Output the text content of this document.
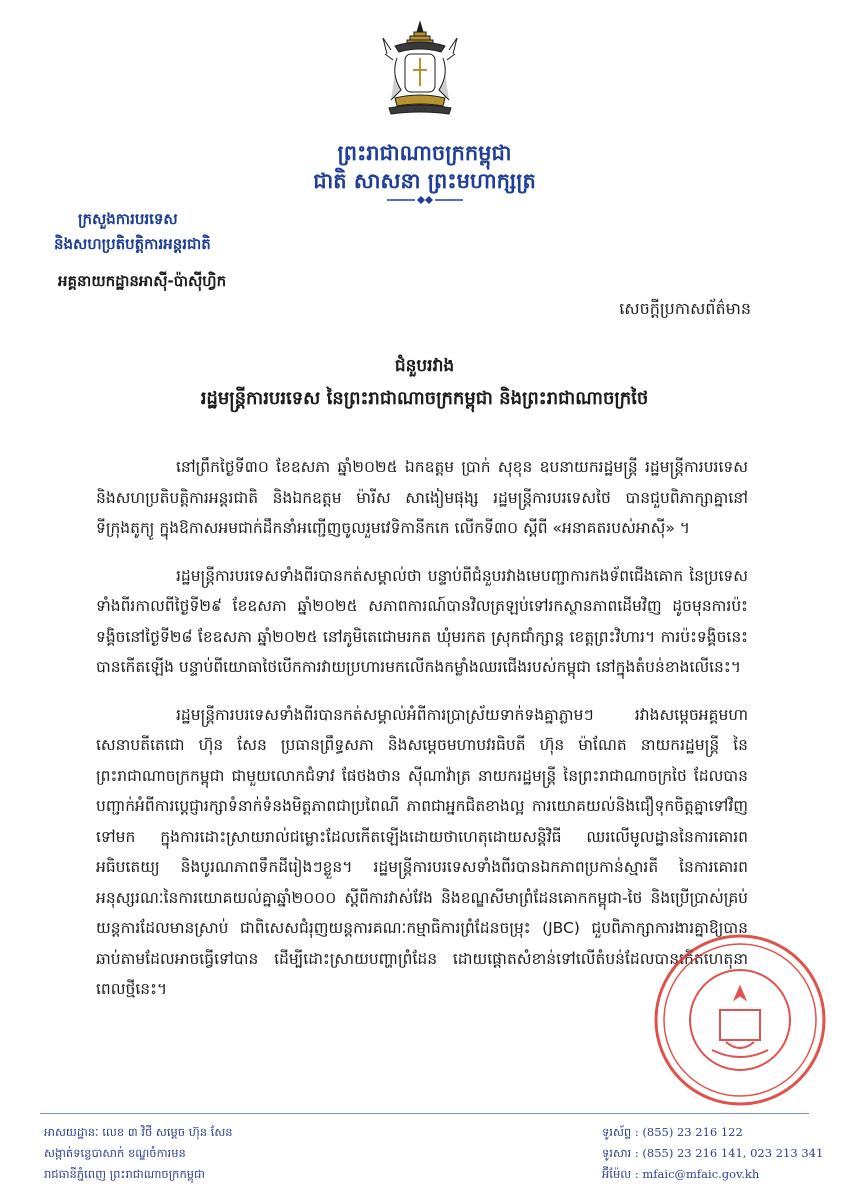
ព្រះរាជាណាចក្រកម្ពុជា
ជាតិ សាសនា ព្រះមហាក្សត្រ
ក្រសួងការបរទេស
និងសហប្រតិបត្តិការអន្តរជាតិ
អគ្គនាយកដ្ឋានអាស៊ី-ប៉ាស៊ីហ្វិក
សេចក្តីប្រកាសព័ត៌មាន
ជំនួបរវាង
រដ្ឋមន្ត្រីការបរទេស នៃព្រះរាជាណាចក្រកម្ពុជា និងព្រះរាជាណាចក្រថៃ

នៅព្រឹកថ្ងៃទី៣០ ខែឧសភា ឆ្នាំ២០២៥ ឯកឧត្តម ប្រាក់ សុខុន ឧបនាយករដ្ឋមន្ត្រី រដ្ឋមន្ត្រីការបរទេស និងសហប្រតិបត្តិការអន្តរជាតិ និងឯកឧត្តម ម៉ារីស សាងៀមផុង្ស រដ្ឋមន្ត្រីការបរទេសថៃ បានជួបពិភាក្សាគ្នានៅទីក្រុងតូក្យូ ក្នុងឱកាសអមជាក់ដឹកនាំអញ្ជើញចូលរួមវេទិកានីកកេ លើកទី៣០ ស្តីពី «អនាគតរបស់អាស៊ី» ។

រដ្ឋមន្ត្រីការបរទេសទាំងពីរបានកត់សម្គាល់ថា បន្ទាប់ពីជំនួបរវាងមេបញ្ជាការកងទ័ពជើងគោក នៃប្រទេសទាំងពីរកាលពីថ្ងៃទី២៩ ខែឧសភា ឆ្នាំ២០២៥ សភាពការណ៍បានវិលត្រឡប់ទៅរកស្ថានភាពដើមវិញ ដូចមុនការប៉ះទង្គិចនៅថ្ងៃទី២៨ ខែឧសភា ឆ្នាំ២០២៥ នៅភូមិតេជោមរកត ឃុំមរកត ស្រុកជាំក្សាន្ត ខេត្តព្រះវិហារ។ ការប៉ះទង្គិចនេះបានកើតឡើង បន្ទាប់ពីយោធាថៃបើកការវាយប្រហារមកលើកងកម្លាំងឈរជើងរបស់កម្ពុជា នៅក្នុងតំបន់ខាងលើនេះ។

រដ្ឋមន្ត្រីការបរទេសទាំងពីរបានកត់សម្គាល់អំពីការប្រាស្រ័យទាក់ទងគ្នាភ្លាមៗ រវាងសម្តេចអគ្គមហាសេនាបតីតេជោ ហ៊ុន សែន ប្រធានព្រឹទ្ធសភា និងសម្តេចមហាបវរធិបតី ហ៊ុន ម៉ាណែត នាយករដ្ឋមន្ត្រី នៃព្រះរាជាណាចក្រកម្ពុជា ជាមួយលោកជំទាវ ផែថងថាន ស៊ីណាវ៉ាត្រ នាយករដ្ឋមន្ត្រី នៃព្រះរាជាណាចក្រថៃ ដែលបានបញ្ជាក់អំពីការប្តេជ្ញារក្សាទំនាក់ទំនងមិត្តភាពជាប្រពៃណី ភាពជាអ្នកជិតខាងល្អ ការយោគយល់និងជឿទុកចិត្តគ្នាទៅវិញទៅមក ក្នុងការដោះស្រាយរាល់ជម្លោះដែលកើតឡើងដោយថាហេតុដោយសន្តិវិធី ឈរលើមូលដ្ឋាននៃការគោរពអធិបតេយ្យ និងបូរណភាពទឹកដីរៀងៗខ្លួន។ រដ្ឋមន្ត្រីការបរទេសទាំងពីរបានឯកភាពប្រកាន់ស្មារតី នៃការគោរពអនុស្សរណៈនៃការយោគយល់គ្នាឆ្នាំ២០០០ ស្តីពីការវាស់វែង និងខណ្ឌសីមាព្រំដែនគោកកម្ពុជា-ថៃ និងប្រើប្រាស់គ្រប់យន្តការដែលមានស្រាប់ ជាពិសេសជំរុញយន្តការគណៈកម្មាធិការព្រំដែនចម្រុះ (JBC) ជួបពិភាក្សាការងារគ្នាឱ្យបានឆាប់តាមដែលអាចធ្វើទៅបាន ដើម្បីដោះស្រាយបញ្ហាព្រំដែន ដោយផ្តោតសំខាន់ទៅលើតំបន់ដែលបានកើតហេតុនាពេលថ្មីនេះ។

អាសយដ្ឋានៈ លេខ ៣ វិថី សម្តេច ហ៊ុន សែន
សង្កាត់ទន្លេបាសាក់ ខណ្ឌចំការមន
រាជធានីភ្នំពេញ ព្រះរាជាណាចក្រកម្ពុជា
ទូរស័ព្ទ : (855) 23 216 122
ទូរសារ : (855) 23 216 141, 023 213 341
អ៊ីម៉ែល : mfaic@mfaic.gov.kh
